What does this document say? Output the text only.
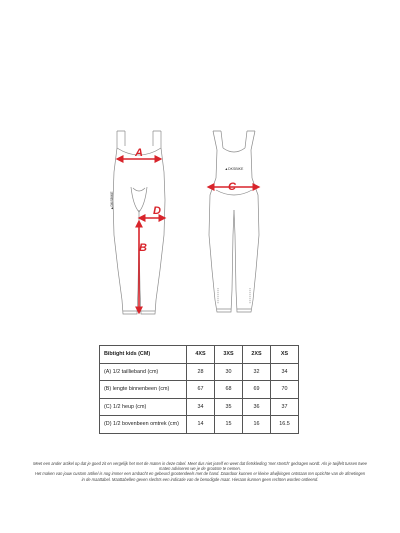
▲DKSBIKE
A
D
B
▲DKSBIKE
C
Bibtight kids (CM)	4XS	3XS	2XS	XS
(A) 1/2 taillieband (cm)	28	30	32	34
(B) lengte binnenbeen (cm)	67	68	69	70
(C) 1/2 heup (cm)	34	35	36	37
(D) 1/2 bovenbeen omtrek (cm)	14	15	16	16.5

Meet een ander artikel op dat je goed zit en vergelijk het met de maten in deze tabel. Meet dus niet jezelf en weet dat fietskleding 'met stretch' gedragen wordt. Als je twijfelt tussen twee

maten adviseren we je de grootste te nemen.

Het maken van jouw custom artikel is nog immer een ambacht en gebeurd grootendeels met de hand. Daardoor kunnen er kleine afwijkingen ontstaan ten opzichte van de afmetingen

in de maattabel. Maattabellen geven slechts een indicatie van de benodigde maat. Hieraan kunnen geen rechten worden ontleend.
